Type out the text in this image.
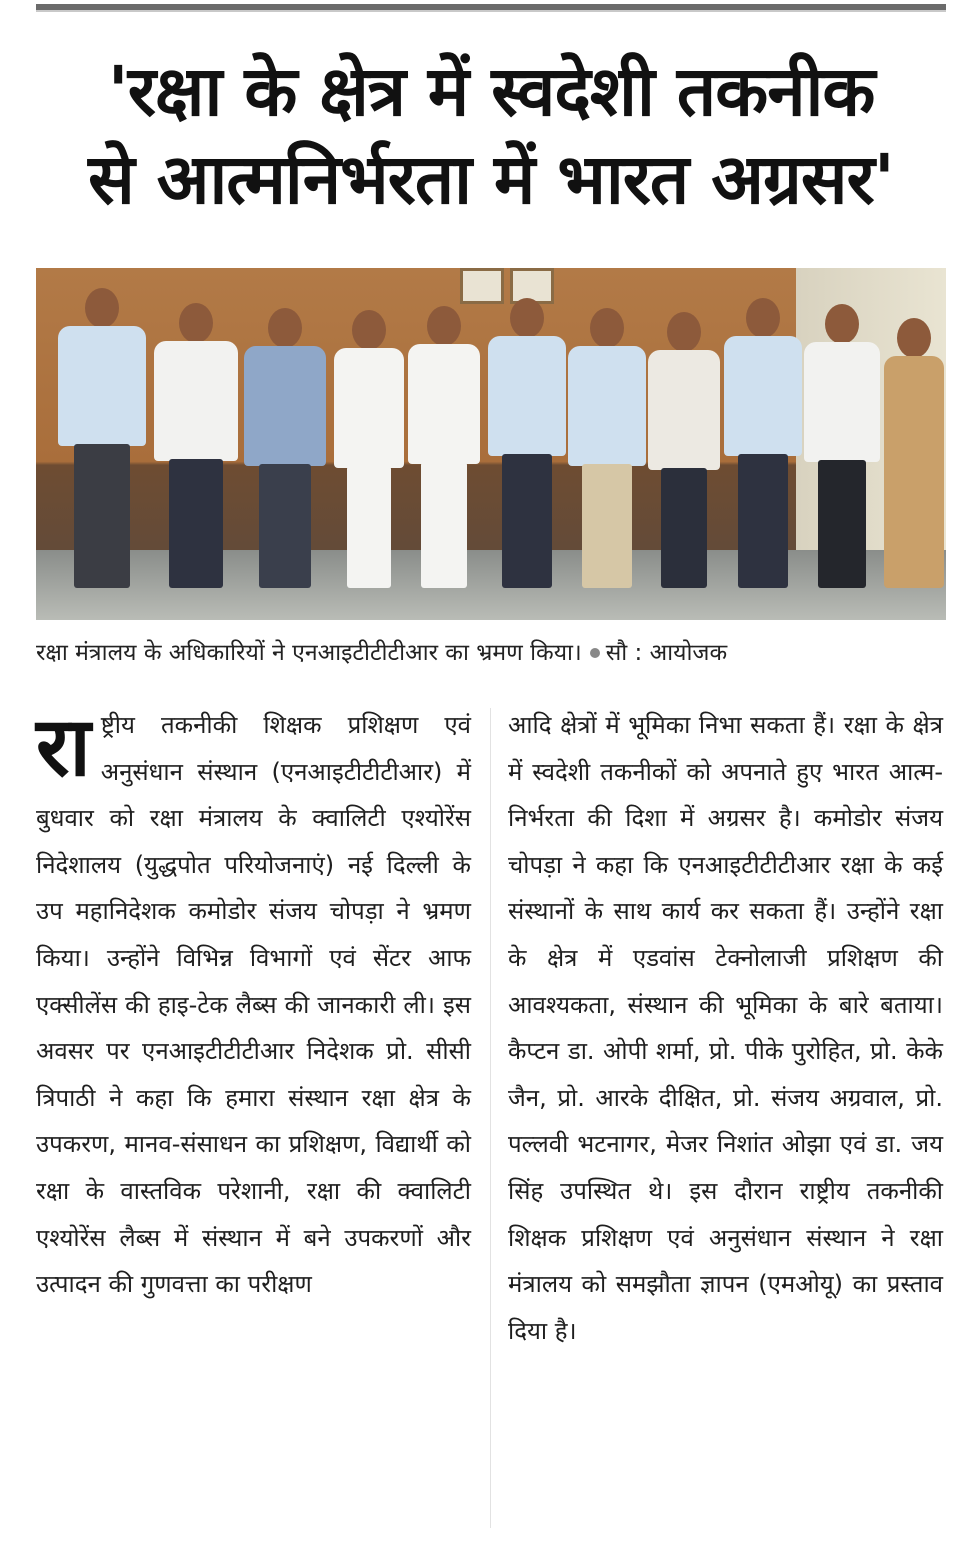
'रक्षा के क्षेत्र में स्वदेशी तकनीक
से आत्मनिर्भरता में भारत अग्रसर'
रक्षा मंत्रालय के अधिकारियों ने एनआइटीटीटीआर का भ्रमण किया। सौ : आयोजक
राष्ट्रीय तकनीकी शिक्षक प्रशिक्षण एवं अनुसंधान संस्थान (एनआइटीटीटीआर) में बुधवार को रक्षा मंत्रालय के क्वालिटी एश्योरेंस निदेशालय (युद्धपोत परियोजनाएं) नई दिल्ली के उप महानिदेशक कमोडोर संजय चोपड़ा ने भ्रमण किया। उन्होंने विभिन्न विभागों एवं सेंटर आफ एक्सीलेंस की हाइ-टेक लैब्स की जानकारी ली। इस अवसर पर एनआइटीटीटीआर निदेशक प्रो. सीसी त्रिपाठी ने कहा कि हमारा संस्थान रक्षा क्षेत्र के उपकरण, मानव-संसाधन का प्रशिक्षण, विद्यार्थी को रक्षा के वास्तविक परेशानी, रक्षा की क्वालिटी एश्योरेंस लैब्स में संस्थान में बने उपकरणों और उत्पादन की गुणवत्ता का परीक्षण
आदि क्षेत्रों में भूमिका निभा सकता हैं। रक्षा के क्षेत्र में स्वदेशी तकनीकों को अपनाते हुए भारत आत्म-निर्भरता की दिशा में अग्रसर है। कमोडोर संजय चोपड़ा ने कहा कि एनआइटीटीटीआर रक्षा के कई संस्थानों के साथ कार्य कर सकता हैं। उन्होंने रक्षा के क्षेत्र में एडवांस टेक्नोलाजी प्रशिक्षण की आवश्यकता, संस्थान की भूमिका के बारे बताया। कैप्टन डा. ओपी शर्मा, प्रो. पीके पुरोहित, प्रो. केके जैन, प्रो. आरके दीक्षित, प्रो. संजय अग्रवाल, प्रो. पल्लवी भटनागर, मेजर निशांत ओझा एवं डा. जय सिंह उपस्थित थे। इस दौरान राष्ट्रीय तकनीकी शिक्षक प्रशिक्षण एवं अनुसंधान संस्थान ने रक्षा मंत्रालय को समझौता ज्ञापन (एमओयू) का प्रस्ताव दिया है।
